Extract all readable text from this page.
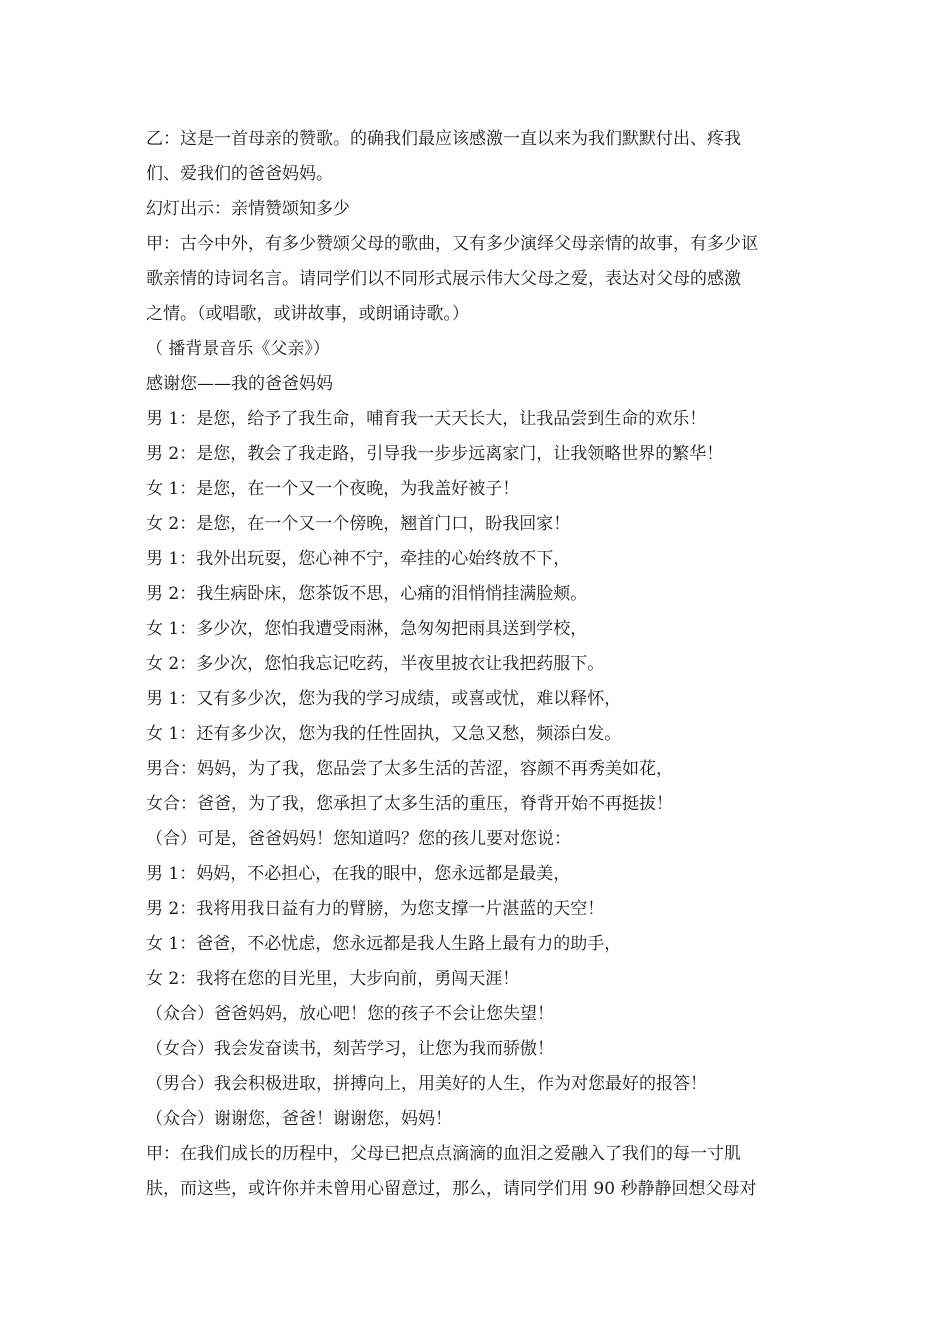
乙：这是一首母亲的赞歌。的确我们最应该感激一直以来为我们默默付出、疼我
们、爱我们的爸爸妈妈。
幻灯出示：亲情赞颂知多少
甲：古今中外，有多少赞颂父母的歌曲，又有多少演绎父母亲情的故事，有多少讴
歌亲情的诗词名言。请同学们以不同形式展示伟大父母之爱，表达对父母的感激
之情。（或唱歌，或讲故事，或朗诵诗歌。）
（ 播背景音乐《父亲》）
感谢您——我的爸爸妈妈
男 1：是您，给予了我生命，哺育我一天天长大，让我品尝到生命的欢乐！
男 2：是您，教会了我走路，引导我一步步远离家门，让我领略世界的繁华！
女 1：是您，在一个又一个夜晚，为我盖好被子！
女 2：是您，在一个又一个傍晚，翘首门口，盼我回家！
男 1：我外出玩耍，您心神不宁，牵挂的心始终放不下，
男 2：我生病卧床，您茶饭不思，心痛的泪悄悄挂满脸颊。
女 1：多少次，您怕我遭受雨淋，急匆匆把雨具送到学校，
女 2：多少次，您怕我忘记吃药，半夜里披衣让我把药服下。
男 1：又有多少次，您为我的学习成绩，或喜或忧，难以释怀，
女 1：还有多少次，您为我的任性固执，又急又愁，频添白发。
男合：妈妈，为了我，您品尝了太多生活的苦涩，容颜不再秀美如花，
女合：爸爸，为了我，您承担了太多生活的重压，脊背开始不再挺拔！
（合）可是，爸爸妈妈！您知道吗？您的孩儿要对您说：
男 1：妈妈，不必担心，在我的眼中，您永远都是最美，
男 2：我将用我日益有力的臂膀，为您支撑一片湛蓝的天空！
女 1：爸爸，不必忧虑，您永远都是我人生路上最有力的助手，
女 2：我将在您的目光里，大步向前，勇闯天涯！
（众合）爸爸妈妈，放心吧！您的孩子不会让您失望！
（女合）我会发奋读书，刻苦学习，让您为我而骄傲！
（男合）我会积极进取，拼搏向上，用美好的人生，作为对您最好的报答！
（众合）谢谢您，爸爸！谢谢您，妈妈！
甲：在我们成长的历程中，父母已把点点滴滴的血泪之爱融入了我们的每一寸肌
肤，而这些，或许你并未曾用心留意过，那么，请同学们用 90 秒静静回想父母对
